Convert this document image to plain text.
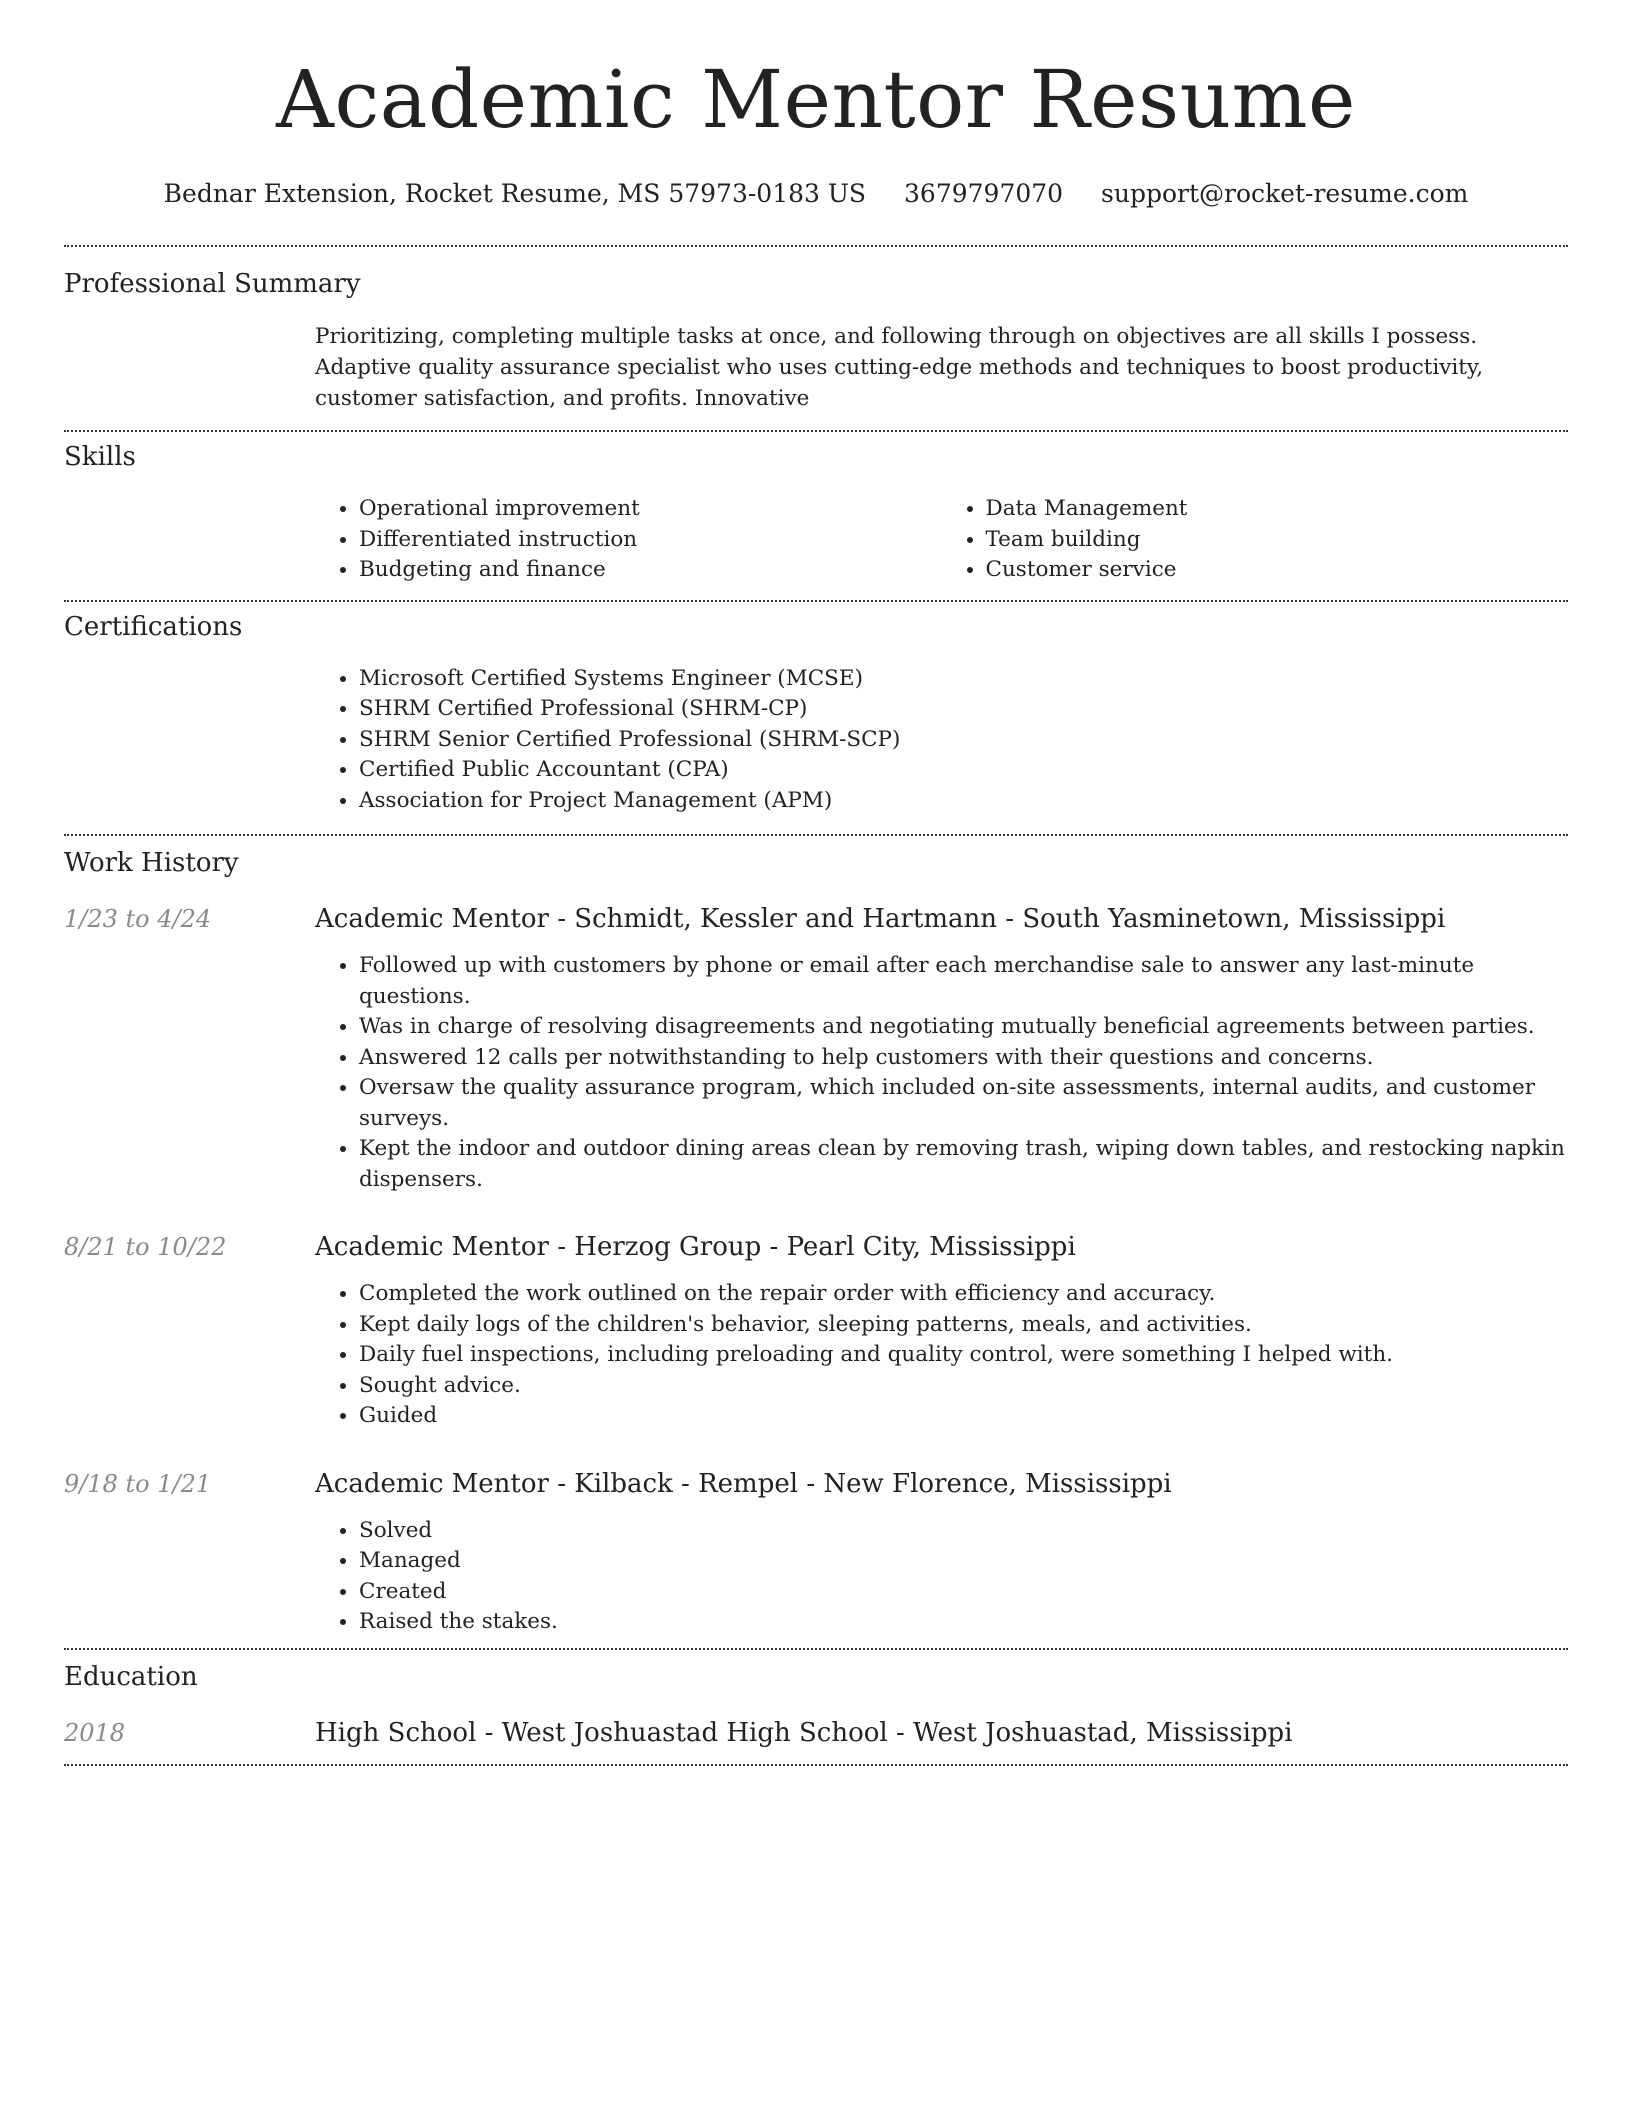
Academic Mentor Resume
Bednar Extension, Rocket Resume, MS 57973-0183 US 3679797070 support@rocket-resume.com
Professional Summary

Prioritizing, completing multiple tasks at once, and following through on objectives are all skills I possess. Adaptive quality assurance specialist who uses cutting-edge methods and techniques to boost productivity, customer satisfaction, and profits. Innovative

Skills
• Operational improvement
• Differentiated instruction
• Budgeting and finance
• Data Management
• Team building
• Customer service
Certifications
• Microsoft Certified Systems Engineer (MCSE)
• SHRM Certified Professional (SHRM-CP)
• SHRM Senior Certified Professional (SHRM-SCP)
• Certified Public Accountant (CPA)
• Association for Project Management (APM)
Work History
1/23 to 4/24	Academic Mentor - Schmidt, Kessler and Hartmann - South Yasminetown, Mississippi
• Followed up with customers by phone or email after each merchandise sale to answer any last-minute questions.
• Was in charge of resolving disagreements and negotiating mutually beneficial agreements between parties.
• Answered 12 calls per notwithstanding to help customers with their questions and concerns.
• Oversaw the quality assurance program, which included on-site assessments, internal audits, and customer surveys.
• Kept the indoor and outdoor dining areas clean by removing trash, wiping down tables, and restocking napkin dispensers.
8/21 to 10/22	Academic Mentor - Herzog Group - Pearl City, Mississippi
• Completed the work outlined on the repair order with efficiency and accuracy.
• Kept daily logs of the children's behavior, sleeping patterns, meals, and activities.
• Daily fuel inspections, including preloading and quality control, were something I helped with.
• Sought advice.
• Guided
9/18 to 1/21	Academic Mentor - Kilback - Rempel - New Florence, Mississippi
• Solved
• Managed
• Created
• Raised the stakes.
Education
2018	High School - West Joshuastad High School - West Joshuastad, Mississippi
